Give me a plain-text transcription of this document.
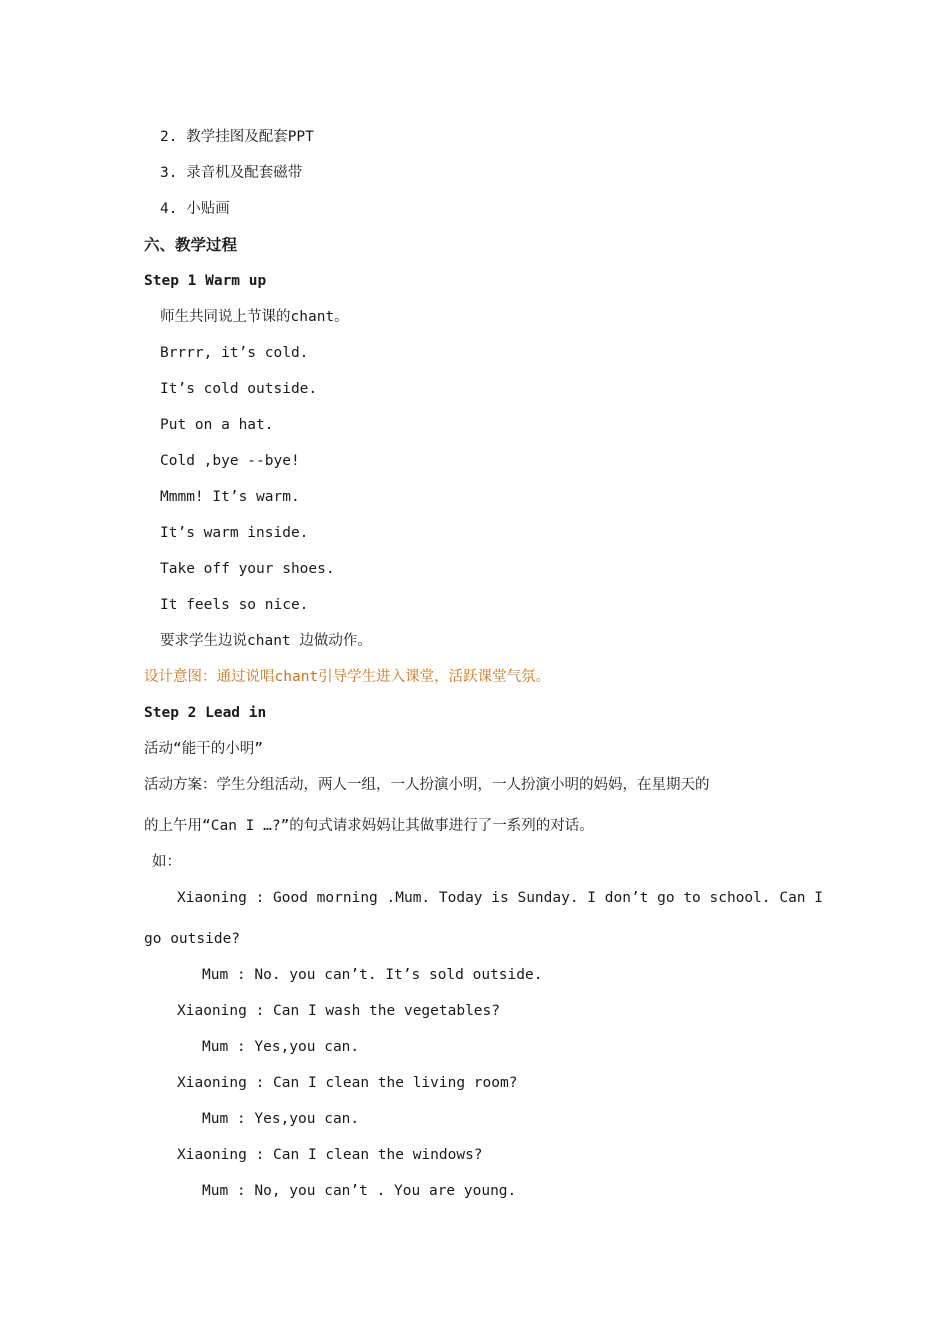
2. 教学挂图及配套PPT
3. 录音机及配套磁带
4. 小贴画
六、教学过程
Step 1 Warm up
师生共同说上节课的chant。
Brrrr, it’s cold.
It’s cold outside.
Put on a hat.
Cold ,bye --bye!
Mmmm! It’s warm.
It’s warm inside.
Take off your shoes.
It feels so nice.
要求学生边说chant 边做动作。
设计意图：通过说唱chant引导学生进入课堂，活跃课堂气氛。
Step 2 Lead in
活动“能干的小明”
活动方案：学生分组活动，两人一组，一人扮演小明，一人扮演小明的妈妈，在星期天的
的上午用“Can I …?”的句式请求妈妈让其做事进行了一系列的对话。
如：
Xiaoning : Good morning .Mum. Today is Sunday. I don’t go to school. Can I
go outside?
Mum : No. you can’t. It’s sold outside.
Xiaoning : Can I wash the vegetables?
Mum : Yes,you can.
Xiaoning : Can I clean the living room?
Mum : Yes,you can.
Xiaoning : Can I clean the windows?
Mum : No, you can’t . You are young.
